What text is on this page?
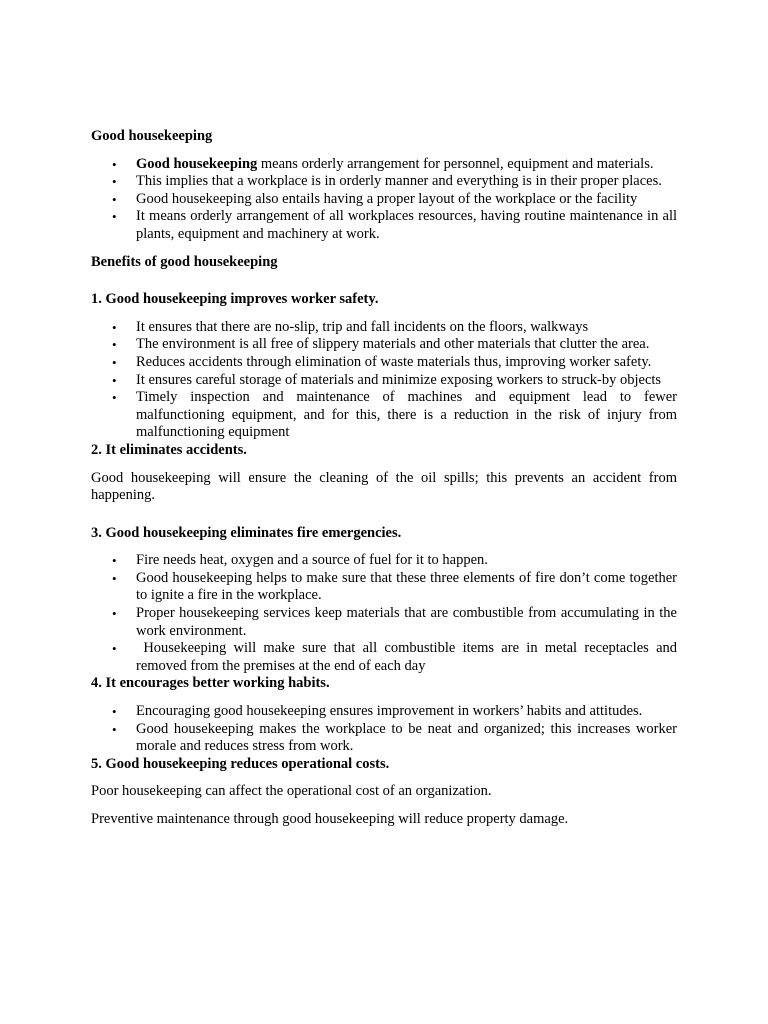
Good housekeeping

• Good housekeeping means orderly arrangement for personnel, equipment and materials.
• This implies that a workplace is in orderly manner and everything is in their proper places.
• Good housekeeping also entails having a proper layout of the workplace or the facility
• It means orderly arrangement of all workplaces resources, having routine maintenance in all plants, equipment and machinery at work.

Benefits of good housekeeping

1. Good housekeeping improves worker safety.

• It ensures that there are no-slip, trip and fall incidents on the floors, walkways
• The environment is all free of slippery materials and other materials that clutter the area.
• Reduces accidents through elimination of waste materials thus, improving worker safety.
• It ensures careful storage of materials and minimize exposing workers to struck-by objects
• Timely inspection and maintenance of machines and equipment lead to fewer malfunctioning equipment, and for this, there is a reduction in the risk of injury from malfunctioning equipment

2. It eliminates accidents.

Good housekeeping will ensure the cleaning of the oil spills; this prevents an accident from happening.

3. Good housekeeping eliminates fire emergencies.

• Fire needs heat, oxygen and a source of fuel for it to happen.
• Good housekeeping helps to make sure that these three elements of fire don’t come together to ignite a fire in the workplace.
• Proper housekeeping services keep materials that are combustible from accumulating in the work environment.
• Housekeeping will make sure that all combustible items are in metal receptacles and removed from the premises at the end of each day

4. It encourages better working habits.

• Encouraging good housekeeping ensures improvement in workers’ habits and attitudes.
• Good housekeeping makes the workplace to be neat and organized; this increases worker morale and reduces stress from work.

5. Good housekeeping reduces operational costs.

Poor housekeeping can affect the operational cost of an organization.

Preventive maintenance through good housekeeping will reduce property damage.
